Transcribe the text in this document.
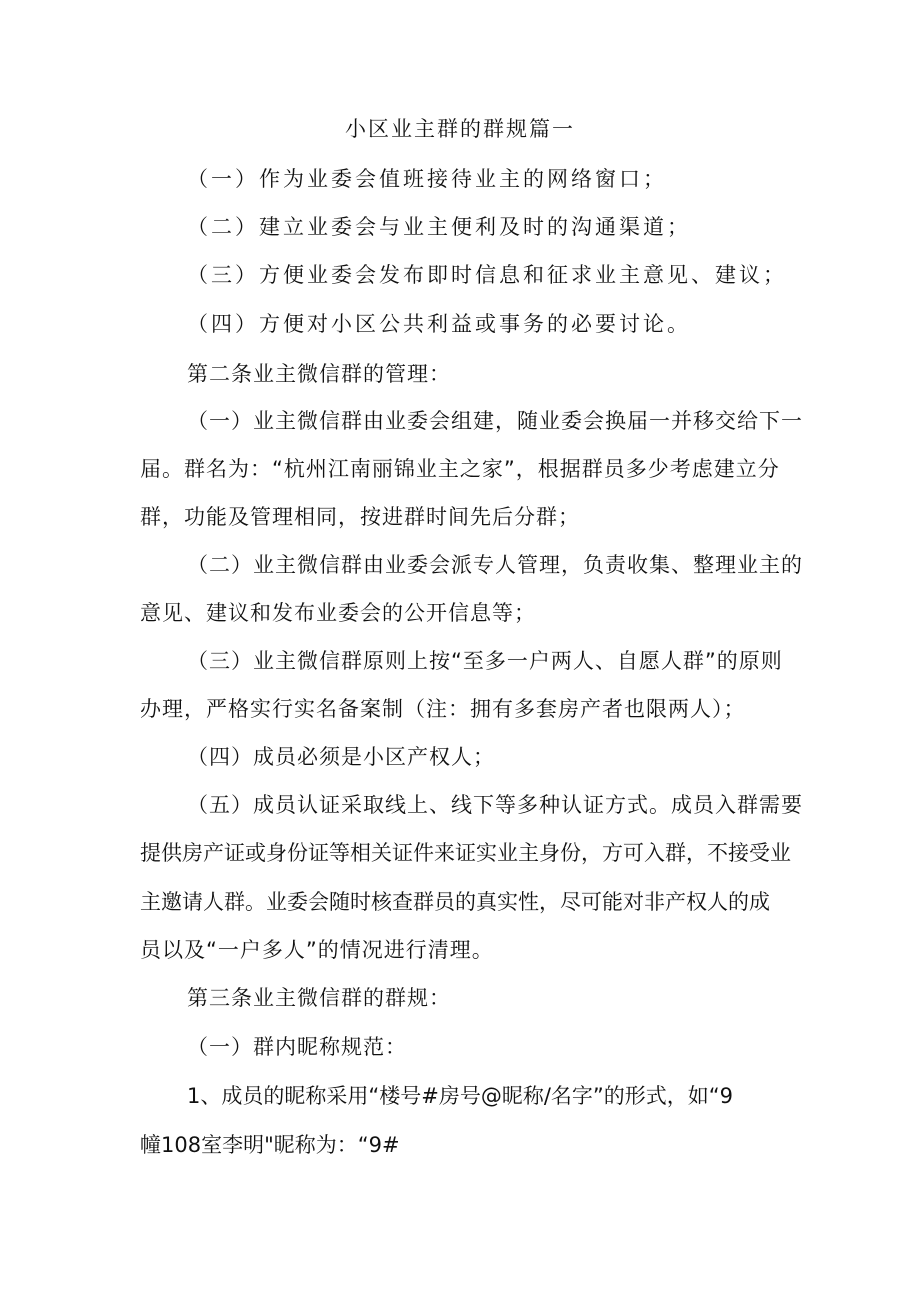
小区业主群的群规篇一
（一）作为业委会值班接待业主的网络窗口；
（二）建立业委会与业主便利及时的沟通渠道；
（三）方便业委会发布即时信息和征求业主意见、建议；
（四）方便对小区公共利益或事务的必要讨论。
第二条业主微信群的管理：
（一）业主微信群由业委会组建，随业委会换届一并移交给下一
届。群名为：“杭州江南丽锦业主之家”，根据群员多少考虑建立分
群，功能及管理相同，按进群时间先后分群；
（二）业主微信群由业委会派专人管理，负责收集、整理业主的
意见、建议和发布业委会的公开信息等；
（三）业主微信群原则上按“至多一户两人、自愿人群”的原则
办理，严格实行实名备案制（注：拥有多套房产者也限两人）；
（四）成员必须是小区产权人；
（五）成员认证采取线上、线下等多种认证方式。成员入群需要
提供房产证或身份证等相关证件来证实业主身份，方可入群，不接受业
主邀请人群。业委会随时核查群员的真实性，尽可能对非产权人的成
员以及“一户多人”的情况进行清理。
第三条业主微信群的群规：
（一）群内昵称规范：
1、成员的昵称采用“楼号#房号@昵称/名字”的形式，如“9
幢108室李明"昵称为：“9#
